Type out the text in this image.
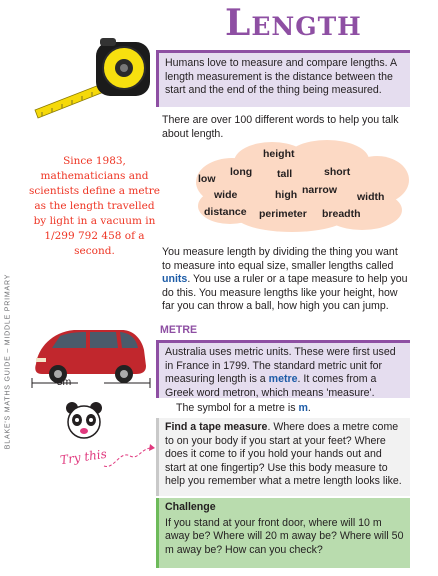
LENGTH
BLAKE'S MATHS GUIDE – MIDDLE PRIMARY
Humans love to measure and compare lengths. A length measurement is the distance between the start and the end of the thing being measured.
There are over 100 different words to help you talk about length.
Since 1983, mathematicians and scientists define a metre as the length travelled by light in a vacuum in 1/299 792 458 of a second.
height
long
low	tall	short
wide	high narrow
width
distance perimeter breadth
You measure length by dividing the thing you want to measure into equal size, smaller lengths called units. You use a ruler or a tape measure to help you do this. You measure lengths like your height, how far you can throw a ball, how high you can jump.
5m
METRE
Australia uses metric units. These were first used in France in 1799. The standard metric unit for measuring length is a metre. It comes from a Greek word metron, which means 'measure'.
The symbol for a metre is m.
Try this
Find a tape measure. Where does a metre come to on your body if you start at your feet? Where does it come to if you hold your hands out and start at one fingertip? Use this body measure to help you remember what a metre length looks like.
Challenge
If you stand at your front door, where will 10 m away be? Where will 20 m away be? Where will 50 m away be? How can you check?
